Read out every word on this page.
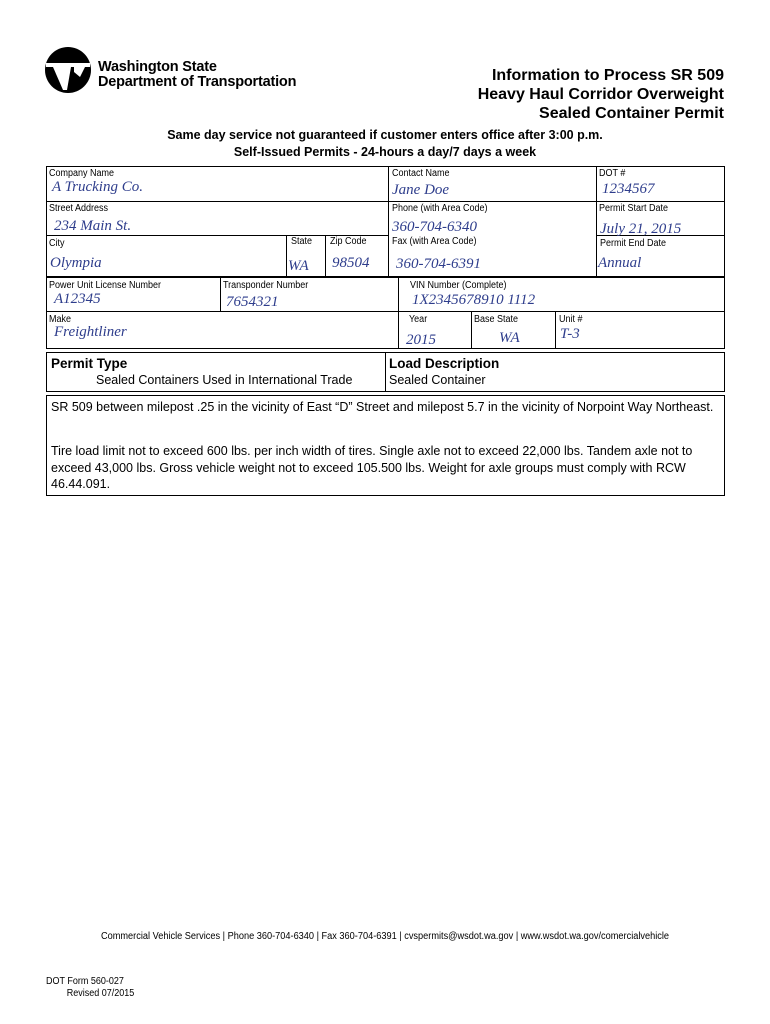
Washington State
Department of Transportation	Information to Process SR 509
Heavy Haul Corridor Overweight
Sealed Container Permit
Same day service not guaranteed if customer enters office after 3:00 p.m.
Self-Issued Permits - 24-hours a day/7 days a week
Company Name
A Trucking Co.
Contact Name
Jane Doe
DOT #
1234567
Street Address
234 Main St.
Phone (with Area Code)
360-704-6340
Permit Start Date
July 21, 2015
City
Olympia
State
WA
Zip Code
98504
Fax (with Area Code)
360-704-6391
Permit End Date
Annual
Power Unit License Number
A12345
Transponder Number
7654321
VIN Number (Complete)
1X2345678910 1112
Make
Freightliner
Year
2015
Base State
WA
Unit #
T-3
Permit Type
Sealed Containers Used in International Trade
Load Description
Sealed Container
SR 509 between milepost .25 in the vicinity of East “D” Street and milepost 5.7 in the vicinity of Norpoint Way Northeast.
Tire load limit not to exceed 600 lbs. per inch width of tires. Single axle not to exceed 22,000 lbs. Tandem axle not to exceed 43,000 lbs. Gross vehicle weight not to exceed 105.500 lbs. Weight for axle groups must comply with RCW 46.44.091.
Commercial Vehicle Services | Phone 360-704-6340 | Fax 360-704-6391 | cvspermits@wsdot.wa.gov | www.wsdot.wa.gov/comercialvehicle
DOT Form 560-027
Revised 07/2015
